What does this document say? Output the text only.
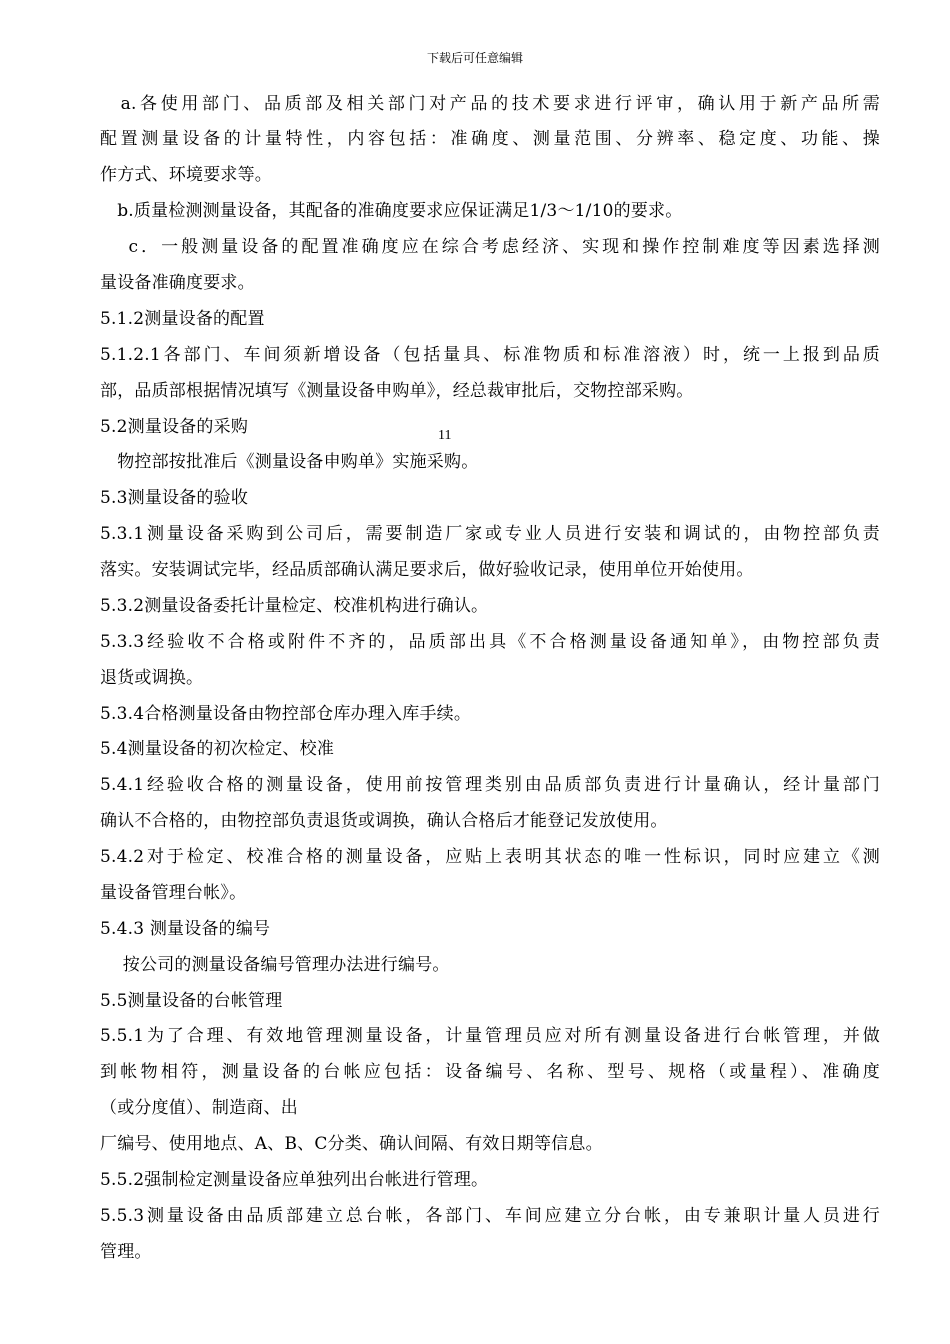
下载后可任意编辑
　a.各使用部门、品质部及相关部门对产品的技术要求进行评审，确认用于新产品所需
配置测量设备的计量特性，内容包括：准确度、测量范围、分辨率、稳定度、功能、操
作方式、环境要求等。
　b.质量检测测量设备，其配备的准确度要求应保证满足1/3～1/10的要求。
　 c．一般测量设备的配置准确度应在综合考虑经济、实现和操作控制难度等因素选择测
量设备准确度要求。
5.1.2测量设备的配置
5.1.2.1各部门、车间须新增设备（包括量具、标准物质和标准溶液）时，统一上报到品质
部，品质部根据情况填写《测量设备申购单》，经总裁审批后，交物控部采购。
5.2测量设备的采购
　物控部按批准后《测量设备申购单》实施采购。
5.3测量设备的验收
5.3.1测量设备采购到公司后，需要制造厂家或专业人员进行安装和调试的，由物控部负责
落实。安装调试完毕，经品质部确认满足要求后，做好验收记录，使用单位开始使用。
5.3.2测量设备委托计量检定、校准机构进行确认。
5.3.3经验收不合格或附件不齐的，品质部出具《不合格测量设备通知单》，由物控部负责
退货或调换。
5.3.4合格测量设备由物控部仓库办理入库手续。
5.4测量设备的初次检定、校准
5.4.1经验收合格的测量设备，使用前按管理类别由品质部负责进行计量确认，经计量部门
确认不合格的，由物控部负责退货或调换，确认合格后才能登记发放使用。
5.4.2对于检定、校准合格的测量设备，应贴上表明其状态的唯一性标识，同时应建立《测
量设备管理台帐》。
5.4.3 测量设备的编号
　 按公司的测量设备编号管理办法进行编号。
5.5测量设备的台帐管理
5.5.1为了合理、有效地管理测量设备，计量管理员应对所有测量设备进行台帐管理，并做
到帐物相符，测量设备的台帐应包括：设备编号、名称、型号、规格（或量程）、准确度
（或分度值）、制造商、出
厂编号、使用地点、A、B、C分类、确认间隔、有效日期等信息。
5.5.2强制检定测量设备应单独列出台帐进行管理。
5.5.3测量设备由品质部建立总台帐，各部门、车间应建立分台帐，由专兼职计量人员进行
管理。
11
